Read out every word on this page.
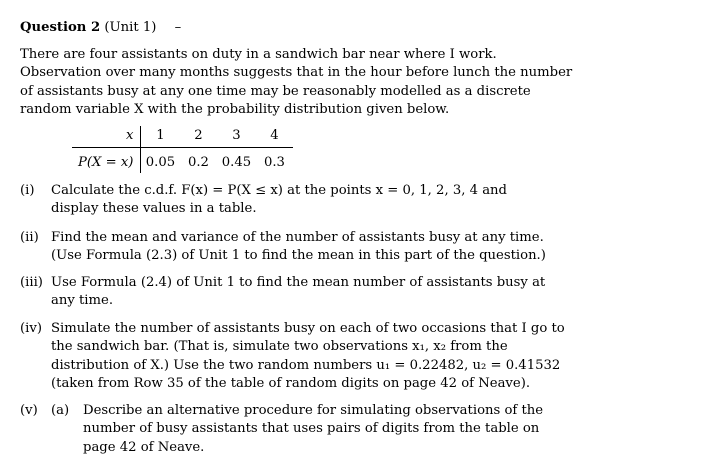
Question 2 (Unit 1) –
There are four assistants on duty in a sandwich bar near where I work.
Observation over many months suggests that in the hour before lunch the number
of assistants busy at any one time may be reasonably modelled as a discrete
random variable X with the probability distribution given below.
x	1	2	3	4
P(X = x)	0.05	0.2	0.45	0.3
(i) Calculate the c.d.f. F(x) = P(X ≤ x) at the points x = 0, 1, 2, 3, 4 and
display these values in a table.
(ii) Find the mean and variance of the number of assistants busy at any time.
(Use Formula (2.3) of Unit 1 to find the mean in this part of the question.)
(iii) Use Formula (2.4) of Unit 1 to find the mean number of assistants busy at
any time.
(iv) Simulate the number of assistants busy on each of two occasions that I go to
the sandwich bar. (That is, simulate two observations x₁, x₂ from the
distribution of X.) Use the two random numbers u₁ = 0.22482, u₂ = 0.41532
(taken from Row 35 of the table of random digits on page 42 of Neave).
(v) (a) Describe an alternative procedure for simulating observations of the
number of busy assistants that uses pairs of digits from the table on
page 42 of Neave.
